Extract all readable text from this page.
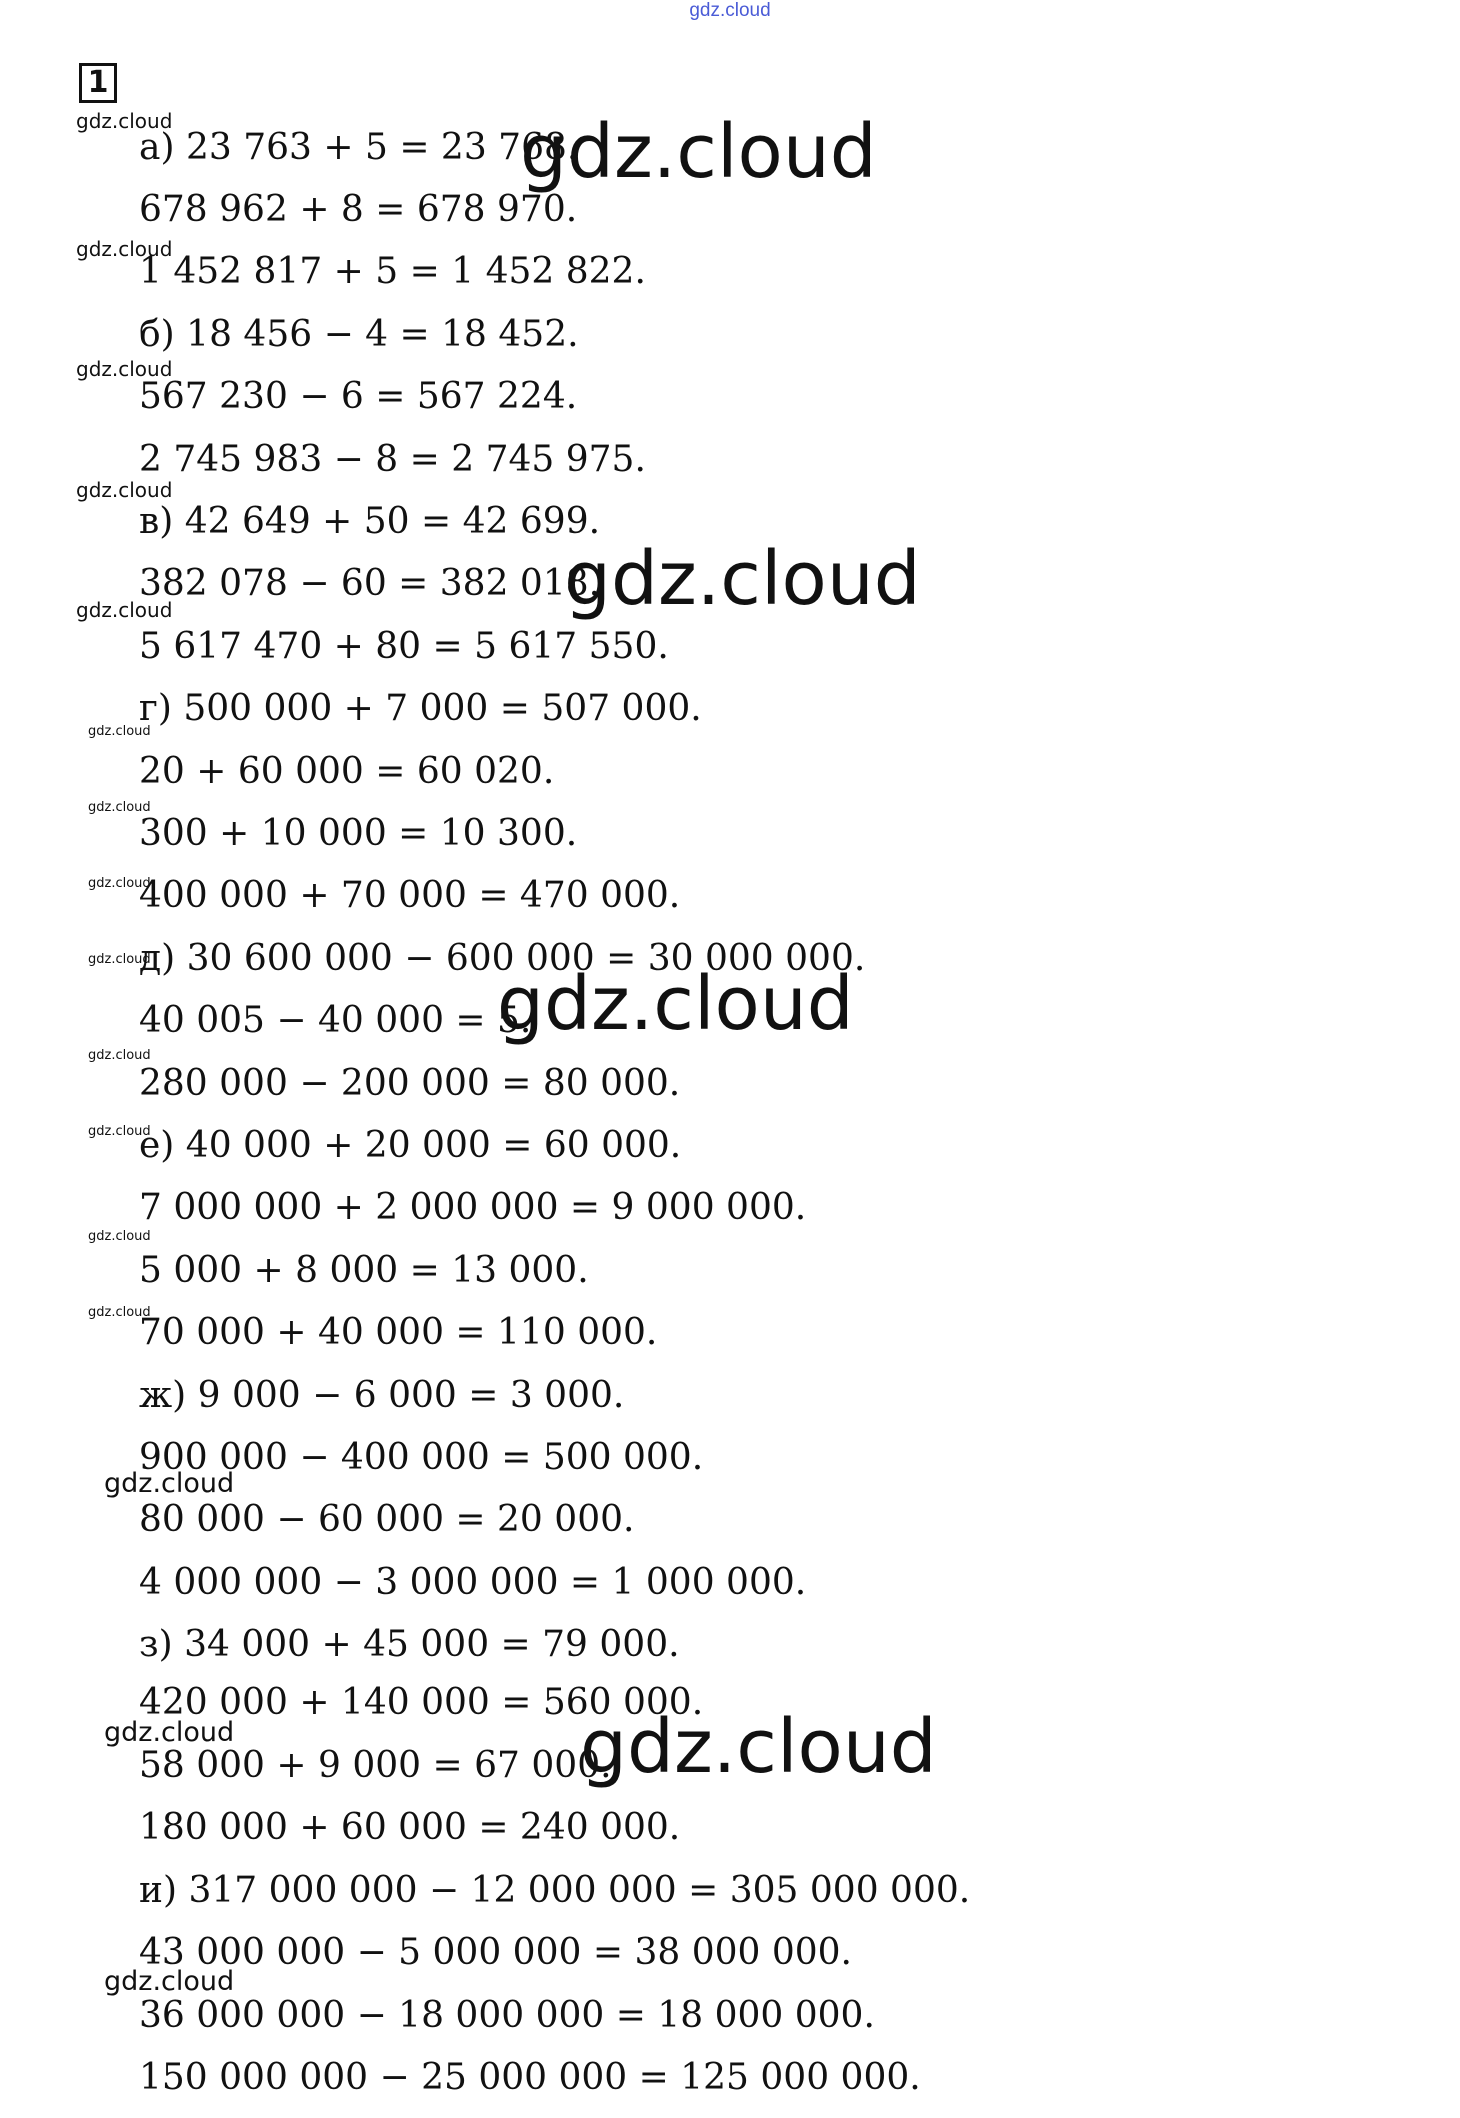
gdz.cloud
1
а) 23 763 + 5 = 23 768.
678 962 + 8 = 678 970.
1 452 817 + 5 = 1 452 822.
б) 18 456 − 4 = 18 452.
567 230 − 6 = 567 224.
2 745 983 − 8 = 2 745 975.
в) 42 649 + 50 = 42 699.
382 078 − 60 = 382 018.
5 617 470 + 80 = 5 617 550.
г) 500 000 + 7 000 = 507 000.
20 + 60 000 = 60 020.
300 + 10 000 = 10 300.
400 000 + 70 000 = 470 000.
д) 30 600 000 − 600 000 = 30 000 000.
40 005 − 40 000 = 5.
280 000 − 200 000 = 80 000.
е) 40 000 + 20 000 = 60 000.
7 000 000 + 2 000 000 = 9 000 000.
5 000 + 8 000 = 13 000.
70 000 + 40 000 = 110 000.
ж) 9 000 − 6 000 = 3 000.
900 000 − 400 000 = 500 000.
80 000 − 60 000 = 20 000.
4 000 000 − 3 000 000 = 1 000 000.
з) 34 000 + 45 000 = 79 000.
420 000 + 140 000 = 560 000.
58 000 + 9 000 = 67 000.
180 000 + 60 000 = 240 000.
и) 317 000 000 − 12 000 000 = 305 000 000.
43 000 000 − 5 000 000 = 38 000 000.
36 000 000 − 18 000 000 = 18 000 000.
150 000 000 − 25 000 000 = 125 000 000.
gdz.cloud
gdz.cloud
gdz.cloud
gdz.cloud
gdz.cloud
gdz.cloud
gdz.cloud
gdz.cloud
gdz.cloud
gdz.cloud
gdz.cloud
gdz.cloud
gdz.cloud
gdz.cloud
gdz.cloud
gdz.cloud
gdz.cloud
gdz.cloud
gdz.cloud
gdz.cloud
